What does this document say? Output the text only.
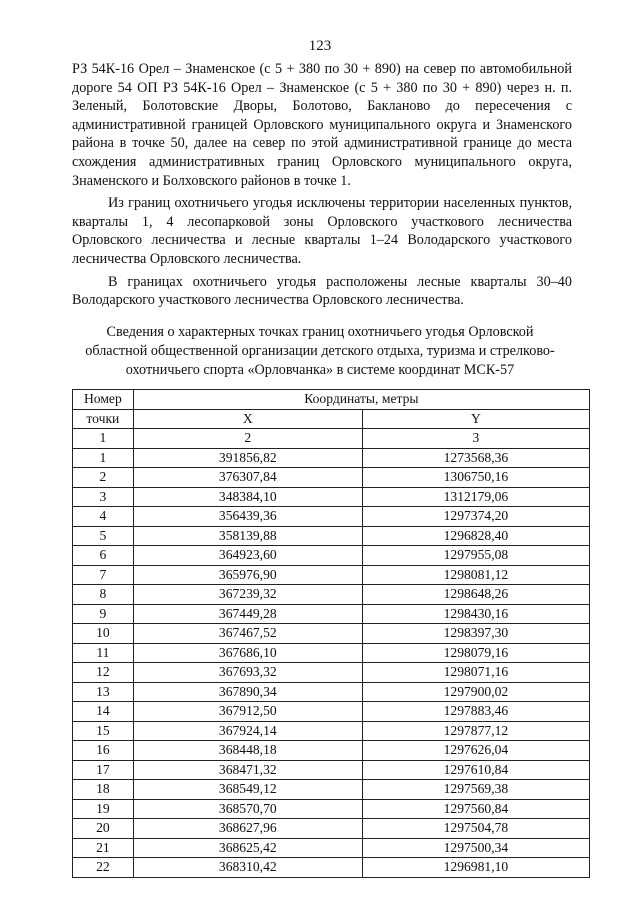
123

РЗ 54К-16 Орел – Знаменское (с 5 + 380 по 30 + 890) на север по автомобильной дороге 54 ОП РЗ 54К-16 Орел – Знаменское (с 5 + 380 по 30 + 890) через н. п. Зеленый, Болотовские Дворы, Болотово, Бакланово до пересечения с административной границей Орловского муниципального округа и Знаменского района в точке 50, далее на север по этой административной границе до места схождения административных границ Орловского муниципального округа, Знаменского и Болховского районов в точке 1.

Из границ охотничьего угодья исключены территории населенных пунктов, кварталы 1, 4 лесопарковой зоны Орловского участкового лесничества Орловского лесничества и лесные кварталы 1–24 Володарского участкового лесничества Орловского лесничества.

В границах охотничьего угодья расположены лесные кварталы 30–40 Володарского участкового лесничества Орловского лесничества.

Сведения о характерных точках границ охотничьего угодья Орловской
областной общественной организации детского отдыха, туризма и стрелково-
охотничьего спорта «Орловчанка» в системе координат МСК-57
Номер	Координаты, метры	
точки	X	Y
1	2	3
1	391856,82	1273568,36
2	376307,84	1306750,16
3	348384,10	1312179,06
4	356439,36	1297374,20
5	358139,88	1296828,40
6	364923,60	1297955,08
7	365976,90	1298081,12
8	367239,32	1298648,26
9	367449,28	1298430,16
10	367467,52	1298397,30
11	367686,10	1298079,16
12	367693,32	1298071,16
13	367890,34	1297900,02
14	367912,50	1297883,46
15	367924,14	1297877,12
16	368448,18	1297626,04
17	368471,32	1297610,84
18	368549,12	1297569,38
19	368570,70	1297560,84
20	368627,96	1297504,78
21	368625,42	1297500,34
22	368310,42	1296981,10
